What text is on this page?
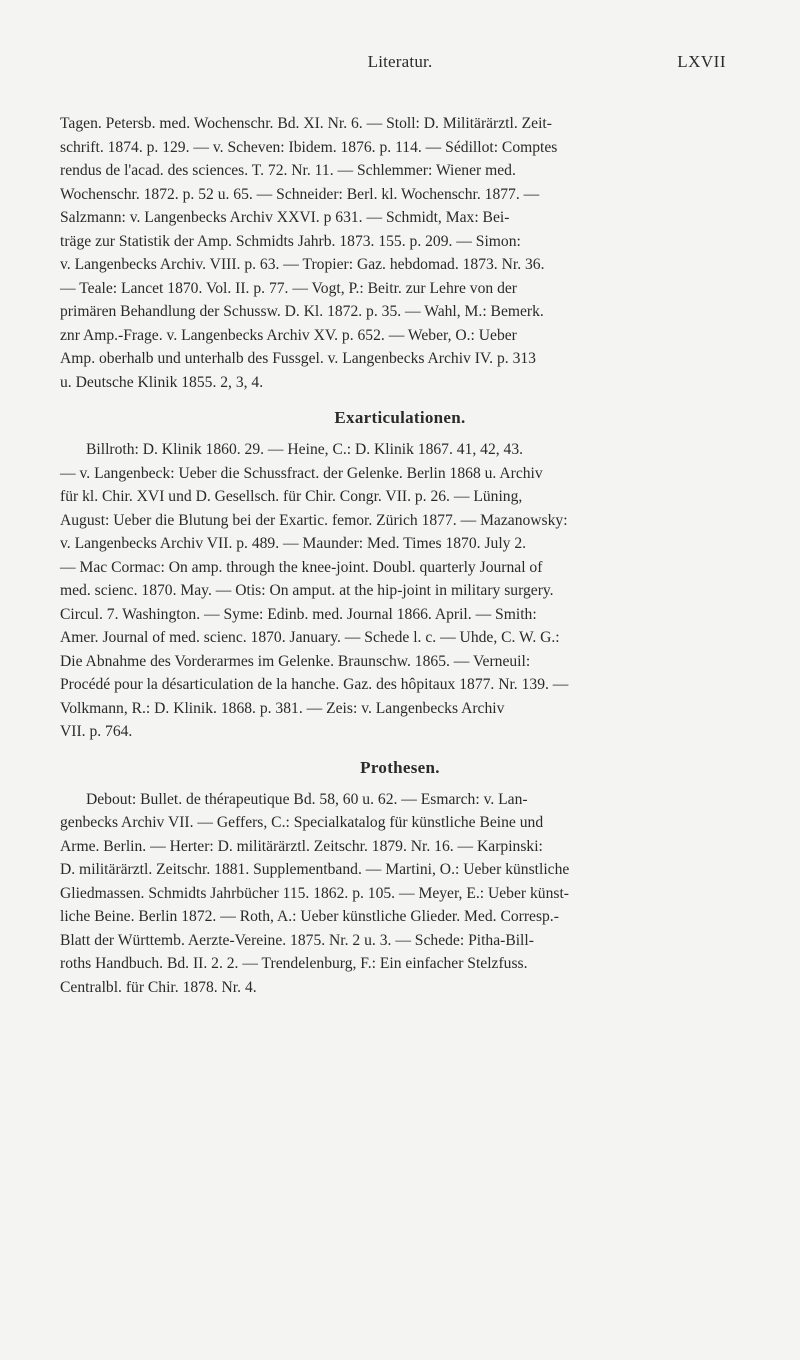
Literatur.	LXVII

Tagen. Petersb. med. Wochenschr. Bd. XI. Nr. 6. — Stoll: D. Militärärztl. Zeit-
schrift. 1874. p. 129. — v. Scheven: Ibidem. 1876. p. 114. — Sédillot: Comptes
rendus de l'acad. des sciences. T. 72. Nr. 11. — Schlemmer: Wiener med.
Wochenschr. 1872. p. 52 u. 65. — Schneider: Berl. kl. Wochenschr. 1877. —
Salzmann: v. Langenbecks Archiv XXVI. p 631. — Schmidt, Max: Bei-
träge zur Statistik der Amp. Schmidts Jahrb. 1873. 155. p. 209. — Simon:
v. Langenbecks Archiv. VIII. p. 63. — Tropier: Gaz. hebdomad. 1873. Nr. 36.
— Teale: Lancet 1870. Vol. II. p. 77. — Vogt, P.: Beitr. zur Lehre von der
primären Behandlung der Schussw. D. Kl. 1872. p. 35. — Wahl, M.: Bemerk.
znr Amp.-Frage. v. Langenbecks Archiv XV. p. 652. — Weber, O.: Ueber
Amp. oberhalb und unterhalb des Fussgel. v. Langenbecks Archiv IV. p. 313
u. Deutsche Klinik 1855. 2, 3, 4.

Exarticulationen.

Billroth: D. Klinik 1860. 29. — Heine, C.: D. Klinik 1867. 41, 42, 43.
— v. Langenbeck: Ueber die Schussfract. der Gelenke. Berlin 1868 u. Archiv
für kl. Chir. XVI und D. Gesellsch. für Chir. Congr. VII. p. 26. — Lüning,
August: Ueber die Blutung bei der Exartic. femor. Zürich 1877. — Mazanowsky:
v. Langenbecks Archiv VII. p. 489. — Maunder: Med. Times 1870. July 2.
— Mac Cormac: On amp. through the knee-joint. Doubl. quarterly Journal of
med. scienc. 1870. May. — Otis: On amput. at the hip-joint in military surgery.
Circul. 7. Washington. — Syme: Edinb. med. Journal 1866. April. — Smith:
Amer. Journal of med. scienc. 1870. January. — Schede l. c. — Uhde, C. W. G.:
Die Abnahme des Vorderarmes im Gelenke. Braunschw. 1865. — Verneuil:
Procédé pour la désarticulation de la hanche. Gaz. des hôpitaux 1877. Nr. 139. —
Volkmann, R.: D. Klinik. 1868. p. 381. — Zeis: v. Langenbecks Archiv
VII. p. 764.

Prothesen.

Debout: Bullet. de thérapeutique Bd. 58, 60 u. 62. — Esmarch: v. Lan-
genbecks Archiv VII. — Geffers, C.: Specialkatalog für künstliche Beine und
Arme. Berlin. — Herter: D. militärärztl. Zeitschr. 1879. Nr. 16. — Karpinski:
D. militärärztl. Zeitschr. 1881. Supplementband. — Martini, O.: Ueber künstliche
Gliedmassen. Schmidts Jahrbücher 115. 1862. p. 105. — Meyer, E.: Ueber künst-
liche Beine. Berlin 1872. — Roth, A.: Ueber künstliche Glieder. Med. Corresp.-
Blatt der Württemb. Aerzte-Vereine. 1875. Nr. 2 u. 3. — Schede: Pitha-Bill-
roths Handbuch. Bd. II. 2. 2. — Trendelenburg, F.: Ein einfacher Stelzfuss.
Centralbl. für Chir. 1878. Nr. 4.
